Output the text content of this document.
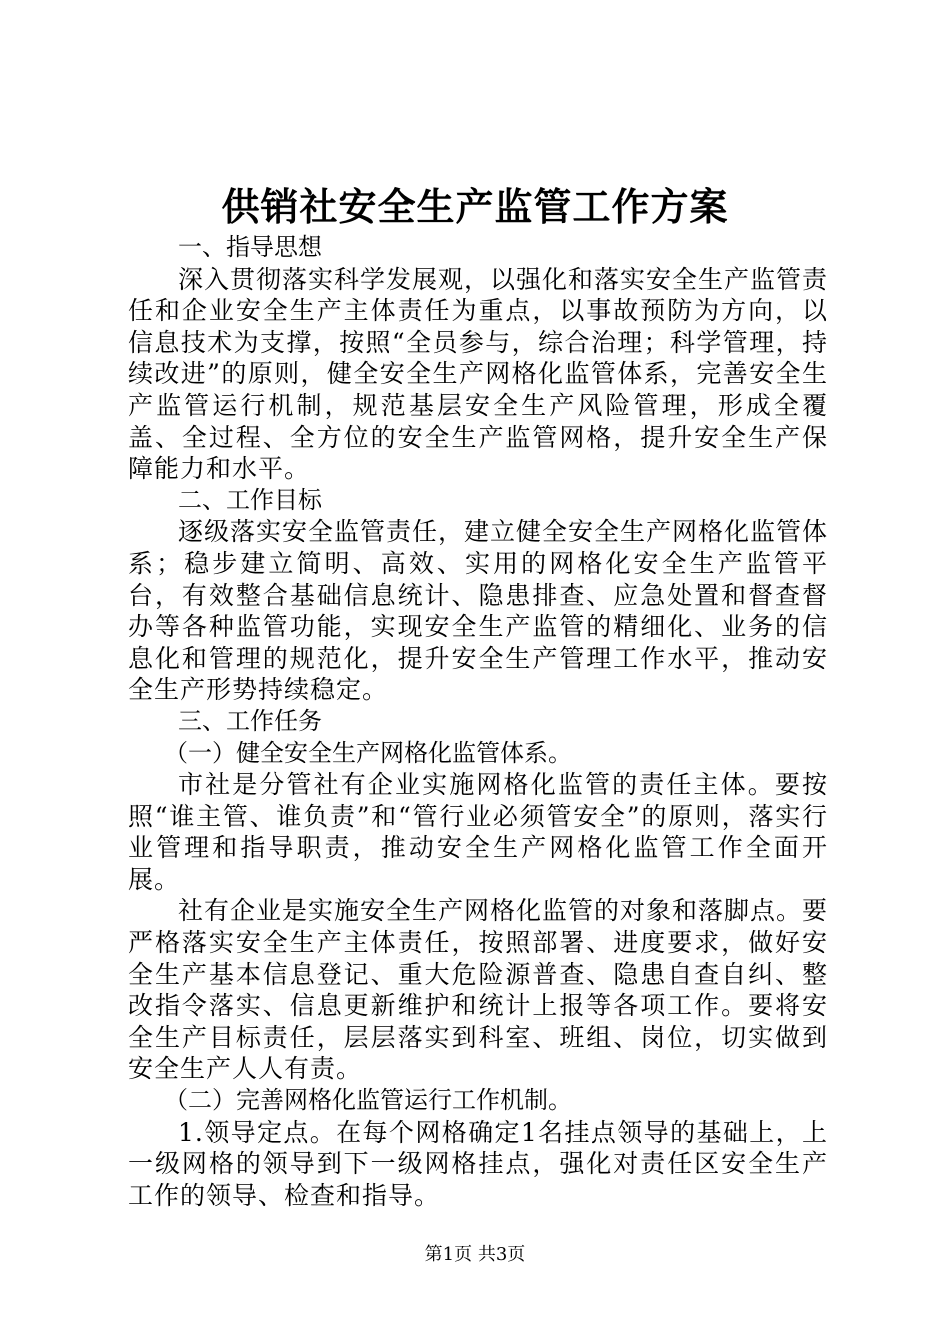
供销社安全生产监管工作方案
一、指导思想

深入贯彻落实科学发展观，以强化和落实安全生产监管责任和企业安全生产主体责任为重点，以事故预防为方向，以信息技术为支撑，按照“全员参与，综合治理；科学管理，持续改进”的原则，健全安全生产网格化监管体系，完善安全生产监管运行机制，规范基层安全生产风险管理，形成全覆盖、全过程、全方位的安全生产监管网格，提升安全生产保障能力和水平。

二、工作目标

逐级落实安全监管责任，建立健全安全生产网格化监管体系；稳步建立简明、高效、实用的网格化安全生产监管平台，有效整合基础信息统计、隐患排查、应急处置和督查督办等各种监管功能，实现安全生产监管的精细化、业务的信息化和管理的规范化，提升安全生产管理工作水平，推动安全生产形势持续稳定。

三、工作任务
（一）健全安全生产网格化监管体系。

市社是分管社有企业实施网格化监管的责任主体。要按照“谁主管、谁负责”和“管行业必须管安全”的原则，落实行业管理和指导职责，推动安全生产网格化监管工作全面开展。

社有企业是实施安全生产网格化监管的对象和落脚点。要严格落实安全生产主体责任，按照部署、进度要求，做好安全生产基本信息登记、重大危险源普查、隐患自查自纠、整改指令落实、信息更新维护和统计上报等各项工作。要将安全生产目标责任，层层落实到科室、班组、岗位，切实做到安全生产人人有责。

（二）完善网格化监管运行工作机制。

1.领导定点。在每个网格确定1名挂点领导的基础上，上一级网格的领导到下一级网格挂点，强化对责任区安全生产工作的领导、检查和指导。

第1页 共3页
